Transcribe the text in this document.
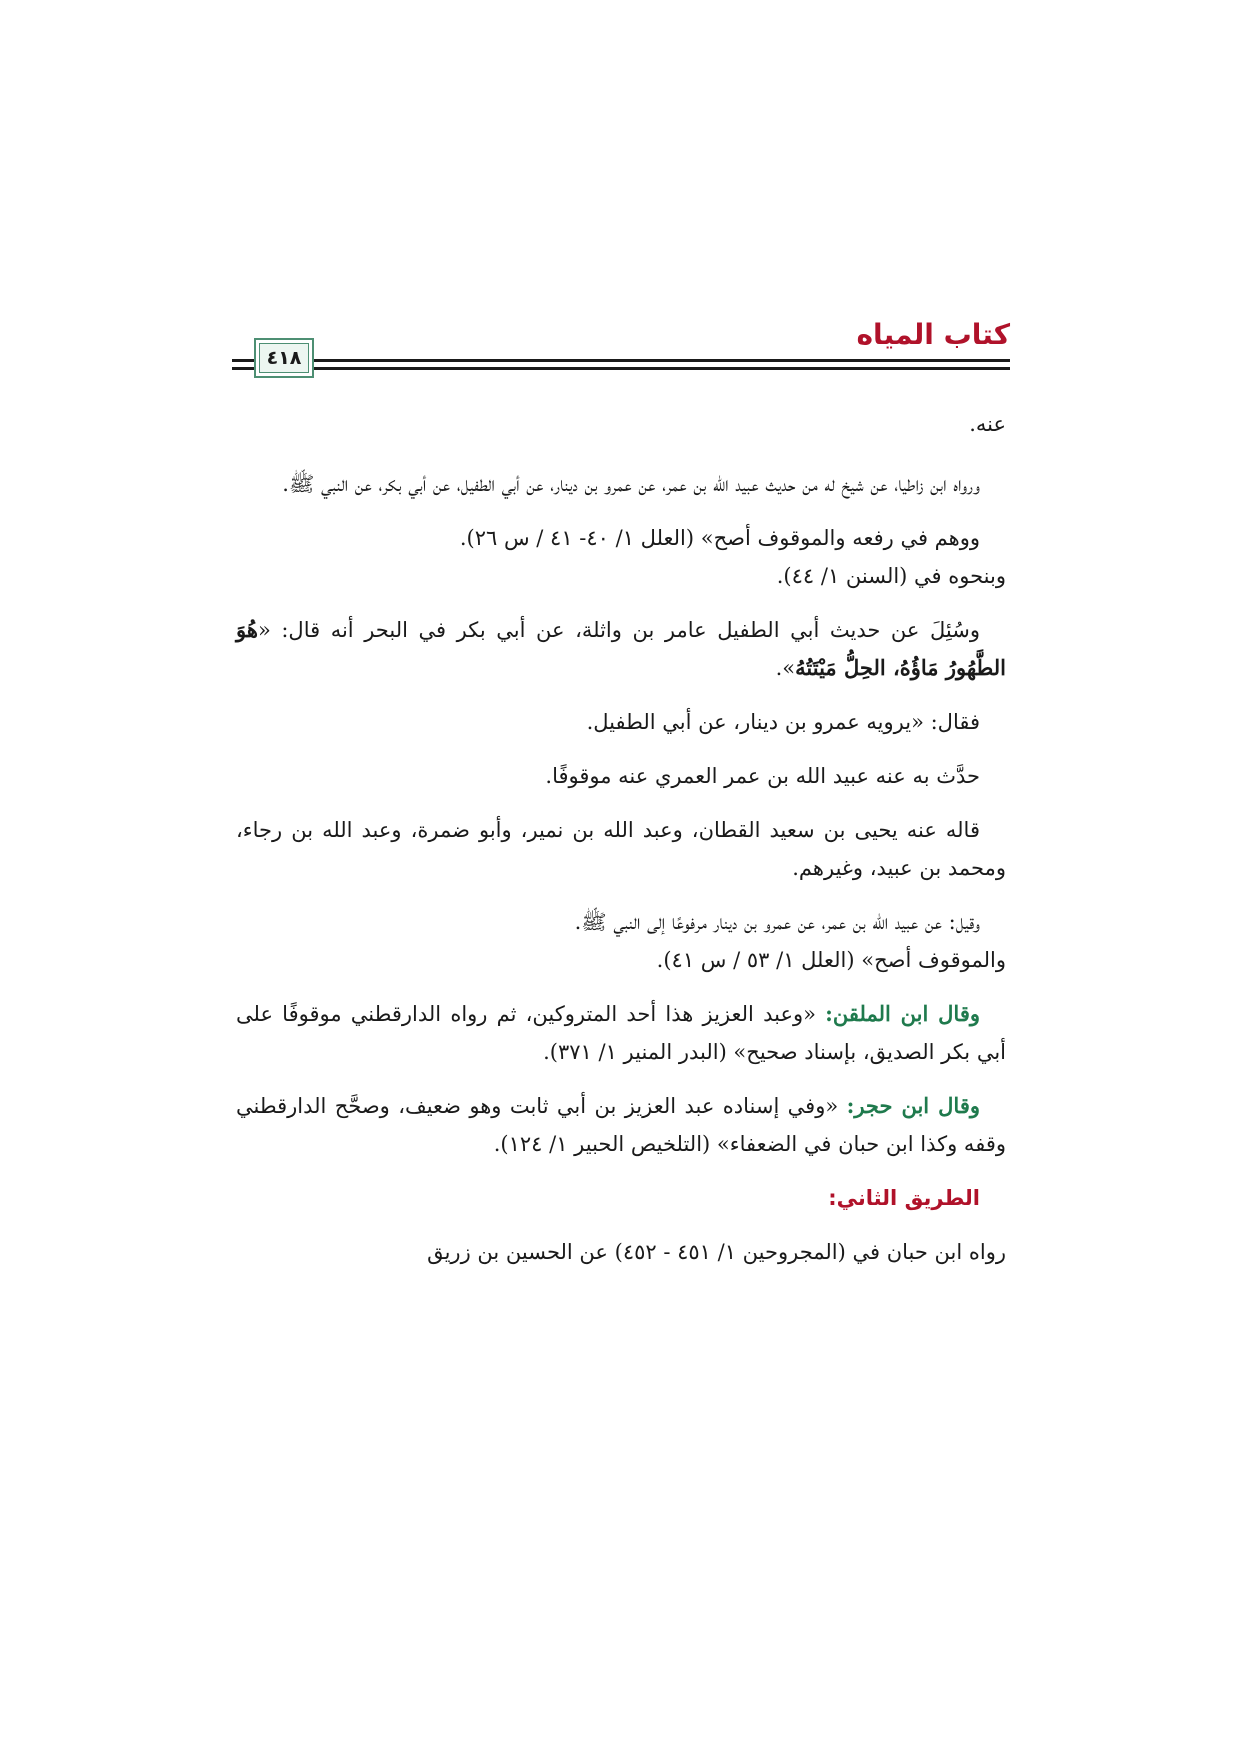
كتاب المياه
٤١٨

عنه.

ورواه ابن زاطيا، عن شيخ له من حديث عبيد الله بن عمر، عن عمرو بن دينار، عن أبي الطفيل، عن أبي بكر، عن النبي ﷺ.

ووهم في رفعه والموقوف أصح» (العلل ١/ ٤٠- ٤١ / س ٢٦).
وبنحوه في (السنن ١/ ٤٤).

وسُئِلَ عن حديث أبي الطفيل عامر بن واثلة، عن أبي بكر في البحر أنه قال: «هُوَ الطَّهُورُ مَاؤُهُ، الحِلُّ مَيْتَتُهُ».

فقال: «يرويه عمرو بن دينار، عن أبي الطفيل.

حدَّث به عنه عبيد الله بن عمر العمري عنه موقوفًا.

قاله عنه يحيى بن سعيد القطان، وعبد الله بن نمير، وأبو ضمرة، وعبد الله بن رجاء، ومحمد بن عبيد، وغيرهم.

وقيل: عن عبيد الله بن عمر، عن عمرو بن دينار مرفوعًا إلى النبي ﷺ.
والموقوف أصح» (العلل ١/ ٥٣ / س ٤١).

وقال ابن الملقن: «وعبد العزيز هذا أحد المتروكين، ثم رواه الدارقطني موقوفًا على أبي بكر الصديق، بإسناد صحيح» (البدر المنير ١/ ٣٧١).

وقال ابن حجر: «وفي إسناده عبد العزيز بن أبي ثابت وهو ضعيف، وصحَّح الدارقطني وقفه وكذا ابن حبان في الضعفاء» (التلخيص الحبير ١/ ١٢٤).

الطريق الثاني:

رواه ابن حبان في (المجروحين ١/ ٤٥١ - ٤٥٢) عن الحسين بن زريق
